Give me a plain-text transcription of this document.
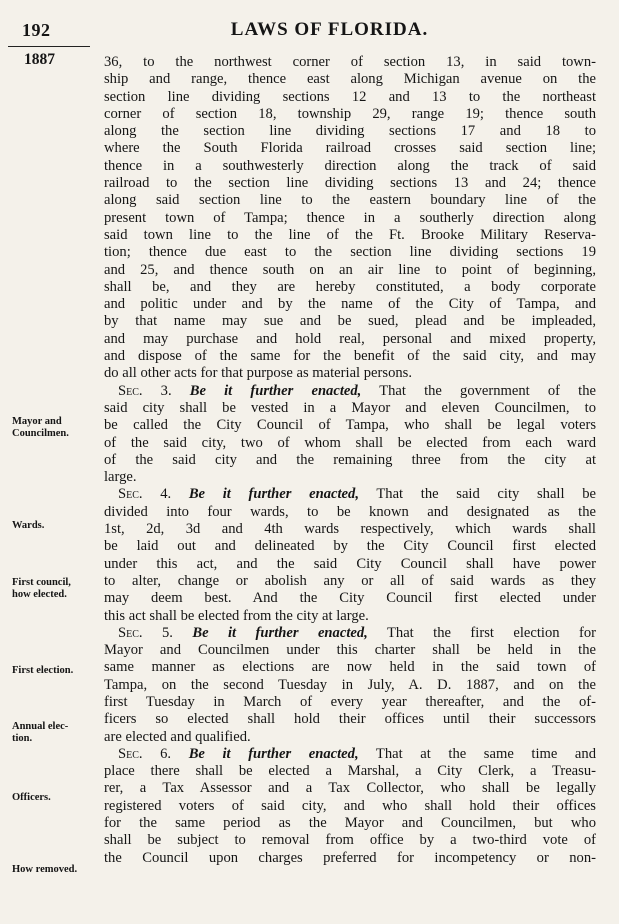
192	LAWS OF FLORIDA.
1887
Mayor and
Councilmen.
Wards.
First council,
how elected.
First election.
Annual elec-
tion.
Officers.
How removed.
36, to the northwest corner of section 13, in said town-
ship and range, thence east along Michigan avenue on the
section line dividing sections 12 and 13 to the northeast
corner of section 18, township 29, range 19; thence south
along the section line dividing sections 17 and 18 to
where the South Florida railroad crosses said section line;
thence in a southwesterly direction along the track of said
railroad to the section line dividing sections 13 and 24; thence
along said section line to the eastern boundary line of the
present town of Tampa; thence in a southerly direction along
said town line to the line of the Ft. Brooke Military Reserva-
tion; thence due east to the section line dividing sections 19
and 25, and thence south on an air line to point of beginning,
shall be, and they are hereby constituted, a body corporate
and politic under and by the name of the City of Tampa, and
by that name may sue and be sued, plead and be impleaded,
and may purchase and hold real, personal and mixed property,
and dispose of the same for the benefit of the said city, and may
do all other acts for that purpose as material persons.
Sec. 3. Be it further enacted, That the government of the
said city shall be vested in a Mayor and eleven Councilmen, to
be called the City Council of Tampa, who shall be legal voters
of the said city, two of whom shall be elected from each ward
of the said city and the remaining three from the city at
large.
Sec. 4. Be it further enacted, That the said city shall be
divided into four wards, to be known and designated as the
1st, 2d, 3d and 4th wards respectively, which wards shall
be laid out and delineated by the City Council first elected
under this act, and the said City Council shall have power
to alter, change or abolish any or all of said wards as they
may deem best. And the City Council first elected under
this act shall be elected from the city at large.
Sec. 5. Be it further enacted, That the first election for
Mayor and Councilmen under this charter shall be held in the
same manner as elections are now held in the said town of
Tampa, on the second Tuesday in July, A. D. 1887, and on the
first Tuesday in March of every year thereafter, and the of-
ficers so elected shall hold their offices until their successors
are elected and qualified.
Sec. 6. Be it further enacted, That at the same time and
place there shall be elected a Marshal, a City Clerk, a Treasu-
rer, a Tax Assessor and a Tax Collector, who shall be legally
registered voters of said city, and who shall hold their offices
for the same period as the Mayor and Councilmen, but who
shall be subject to removal from office by a two-third vote of
the Council upon charges preferred for incompetency or non-
